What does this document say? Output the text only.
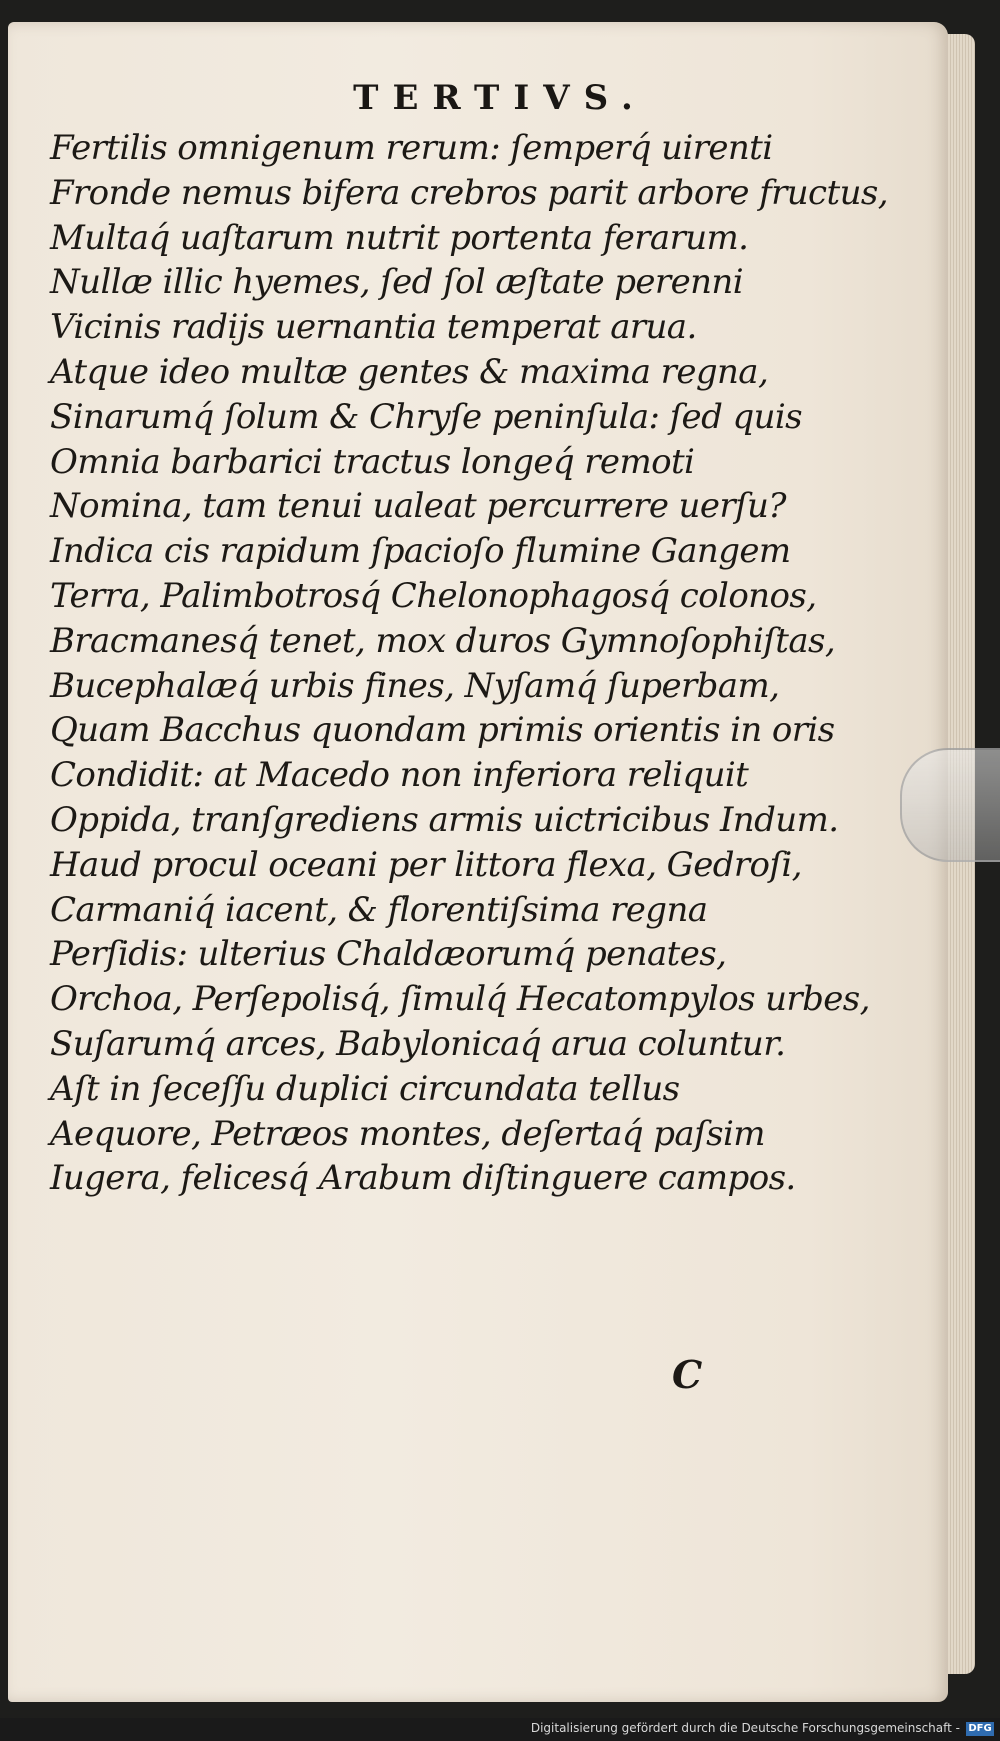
TERTIVS.
Fertilis omnigenum rerum: ſemperq́ uirenti
Fronde nemus bifera crebros parit arbore fructus,
Multaq́ uaſtarum nutrit portenta ferarum.
Nullæ illic hyemes, ſed ſol æſtate perenni
Vicinis radijs uernantia temperat arua.
Atque ideo multæ gentes & maxima regna,
Sinarumq́ ſolum & Chryſe peninſula: ſed quis
Omnia barbarici tractus longeq́ remoti
Nomina, tam tenui ualeat percurrere uerſu?
Indica cis rapidum ſpacioſo flumine Gangem
Terra, Palimbotrosq́ Chelonophagosq́ colonos,
Bracmanesq́ tenet, mox duros Gymnoſophiſtas,
Bucephalæq́ urbis fines, Nyſamq́ ſuperbam,
Quam Bacchus quondam primis orientis in oris
Condidit: at Macedo non inferiora reliquit
Oppida, tranſgrediens armis uictricibus Indum.
Haud procul oceani per littora flexa, Gedroſi,
Carmaniq́ iacent, & florentiſsima regna
Perſidis: ulterius Chaldæorumq́ penates,
Orchoa, Perſepolisq́, ſimulq́ Hecatompylos urbes,
Suſarumq́ arces, Babylonicaq́ arua coluntur.
Aſt in ſeceſſu duplici circundata tellus
Aequore, Petræos montes, deſertaq́ paſsim
Iugera, felicesq́ Arabum diſtinguere campos.
C
Digitalisierung gefördert durch die Deutsche Forschungsgemeinschaft - DFG
